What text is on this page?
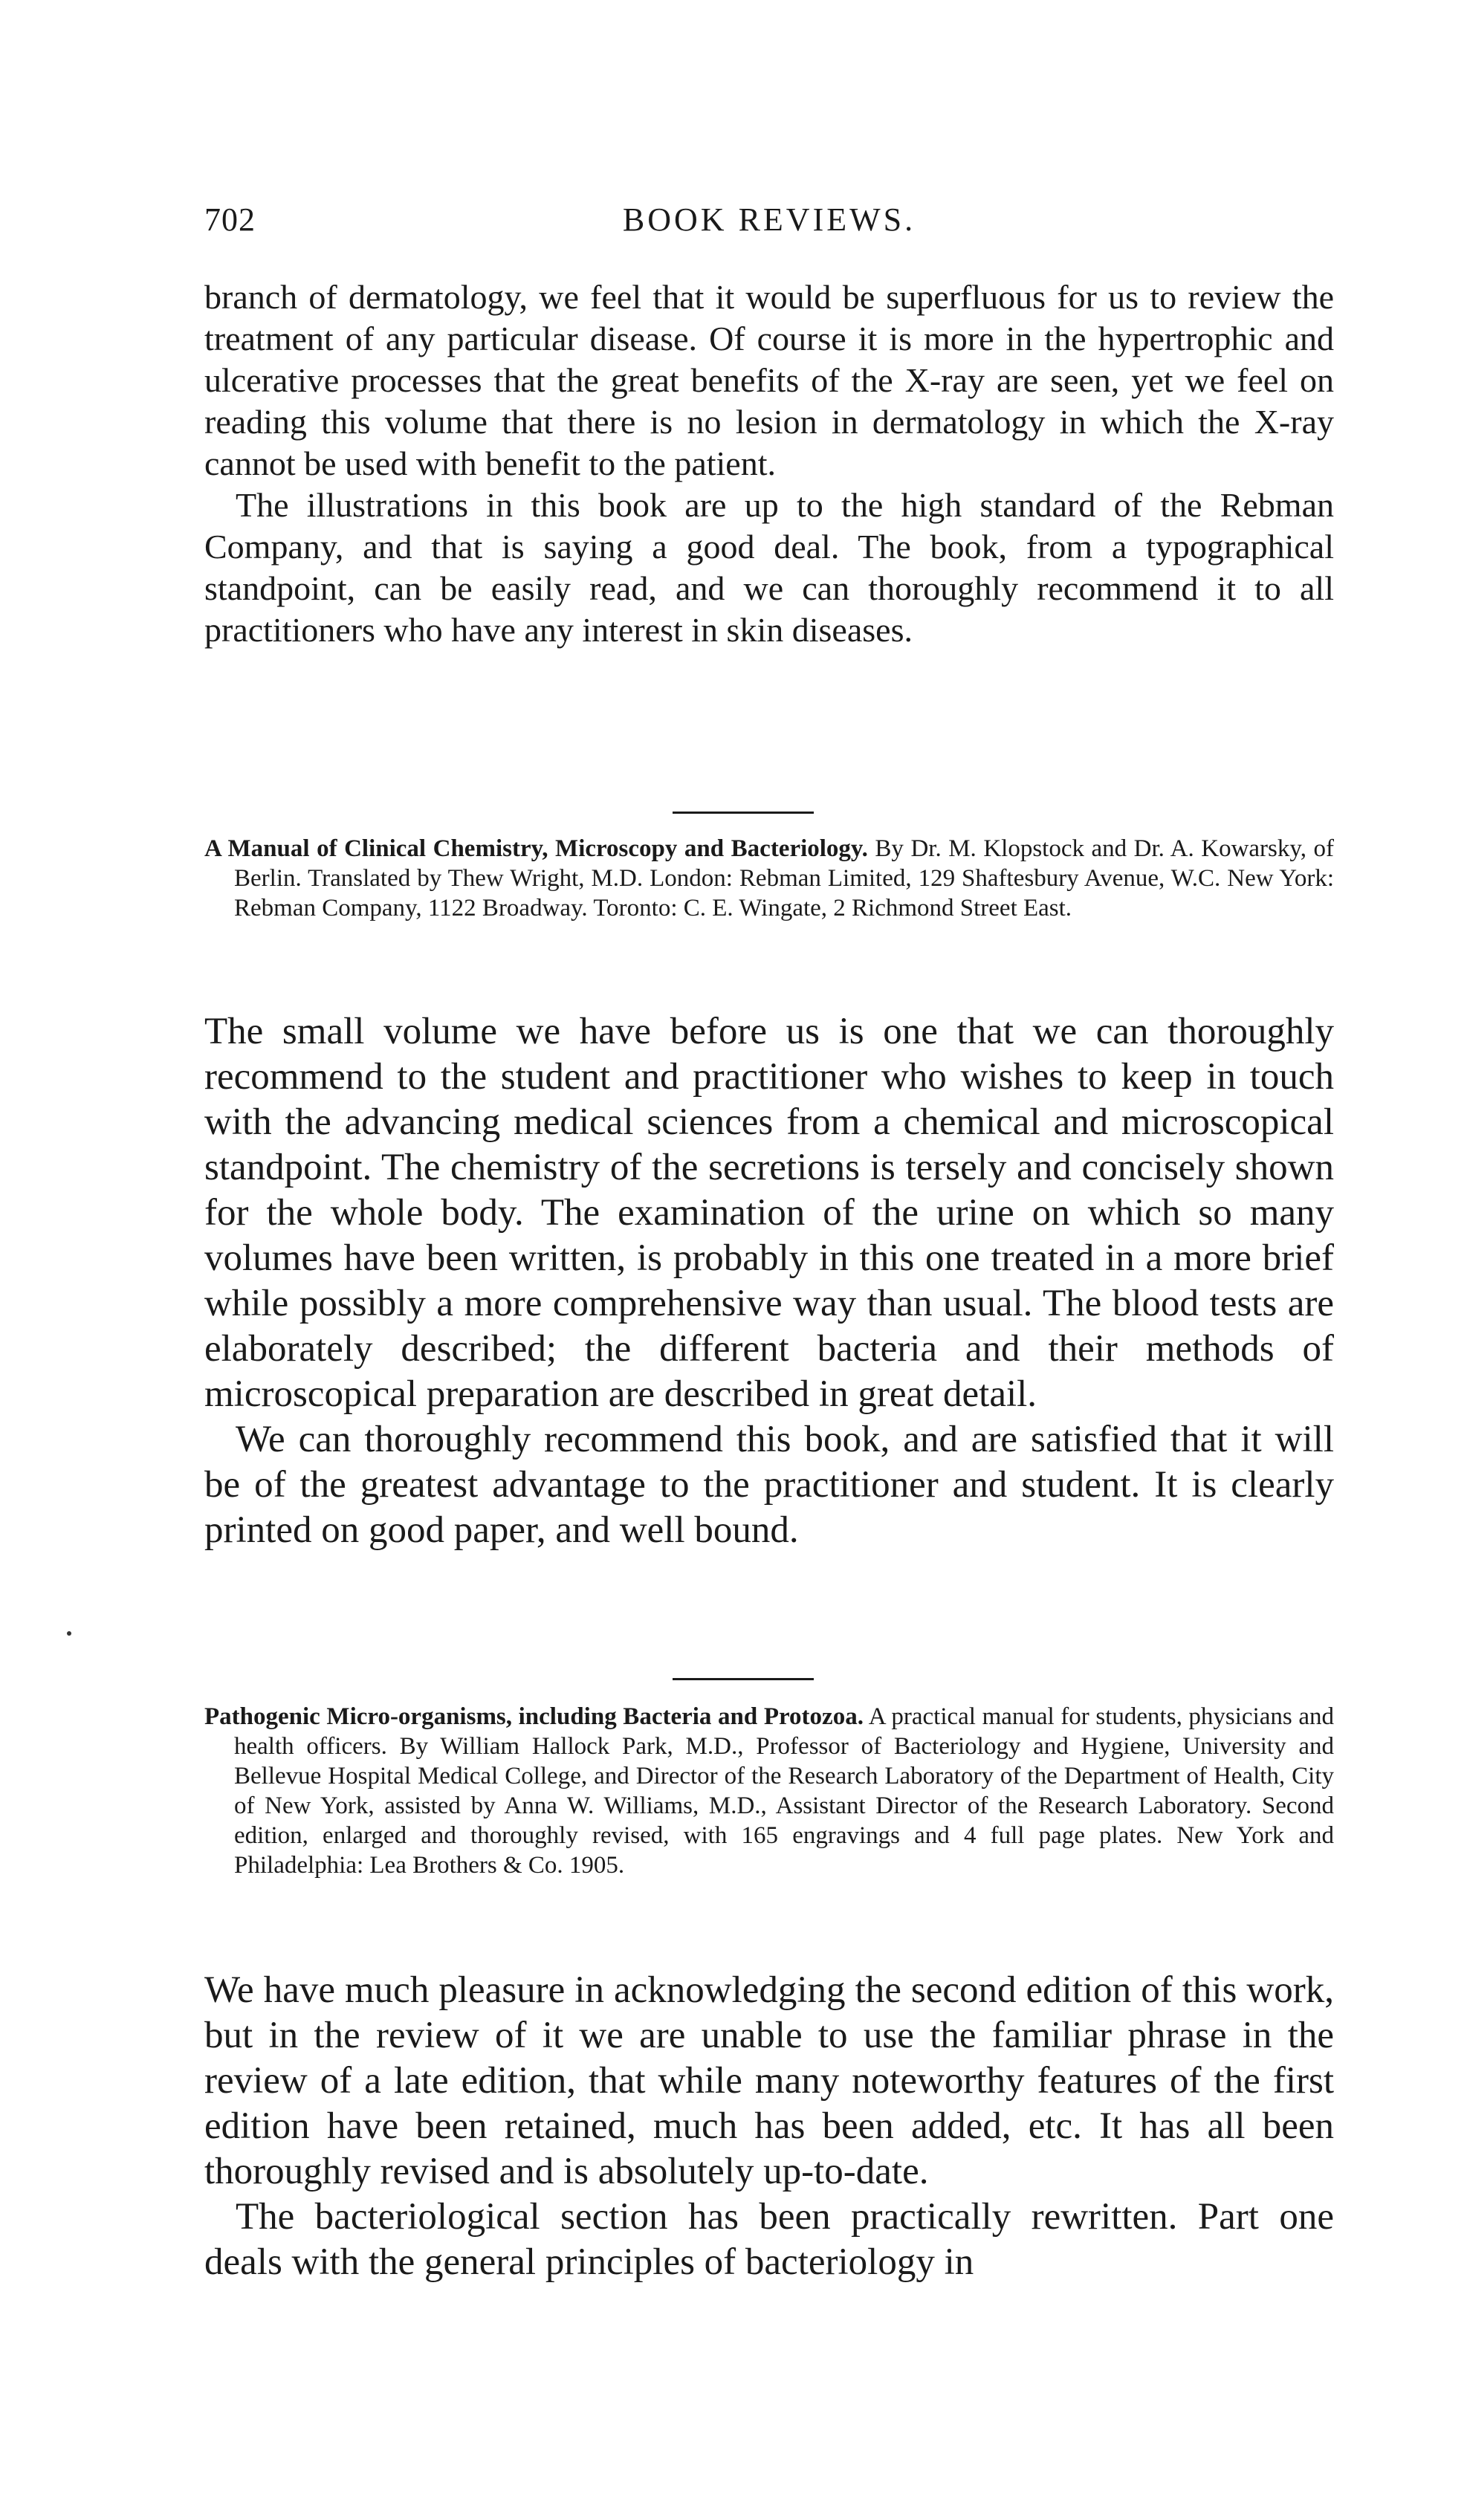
702	BOOK REVIEWS.

branch of dermatology, we feel that it would be superfluous for us to review the treatment of any particular disease. Of course it is more in the hypertrophic and ulcerative processes that the great benefits of the X-ray are seen, yet we feel on reading this volume that there is no lesion in dermatology in which the X-ray cannot be used with benefit to the patient.

The illustrations in this book are up to the high standard of the Rebman Company, and that is saying a good deal. The book, from a typographical standpoint, can be easily read, and we can thoroughly recommend it to all practitioners who have any interest in skin diseases.

A Manual of Clinical Chemistry, Microscopy and Bacteriology. By Dr. M. Klopstock and Dr. A. Kowarsky, of Berlin. Translated by Thew Wright, M.D. London: Rebman Limited, 129 Shaftesbury Avenue, W.C. New York: Rebman Company, 1122 Broadway. Toronto: C. E. Wingate, 2 Richmond Street East.

The small volume we have before us is one that we can thoroughly recommend to the student and practitioner who wishes to keep in touch with the advancing medical sciences from a chemical and microscopical standpoint. The chemistry of the secretions is tersely and concisely shown for the whole body. The examination of the urine on which so many volumes have been written, is probably in this one treated in a more brief while possibly a more comprehensive way than usual. The blood tests are elaborately described; the different bacteria and their methods of microscopical preparation are described in great detail.

We can thoroughly recommend this book, and are satisfied that it will be of the greatest advantage to the practitioner and student. It is clearly printed on good paper, and well bound.

Pathogenic Micro-organisms, including Bacteria and Protozoa. A practical manual for students, physicians and health officers. By William Hallock Park, M.D., Professor of Bacteriology and Hygiene, University and Bellevue Hospital Medical College, and Director of the Research Laboratory of the Department of Health, City of New York, assisted by Anna W. Williams, M.D., Assistant Director of the Research Laboratory. Second edition, enlarged and thoroughly revised, with 165 engravings and 4 full page plates. New York and Philadelphia: Lea Brothers & Co. 1905.

We have much pleasure in acknowledging the second edition of this work, but in the review of it we are unable to use the familiar phrase in the review of a late edition, that while many noteworthy features of the first edition have been retained, much has been added, etc. It has all been thoroughly revised and is absolutely up-to-date.

The bacteriological section has been practically rewritten. Part one deals with the general principles of bacteriology in
